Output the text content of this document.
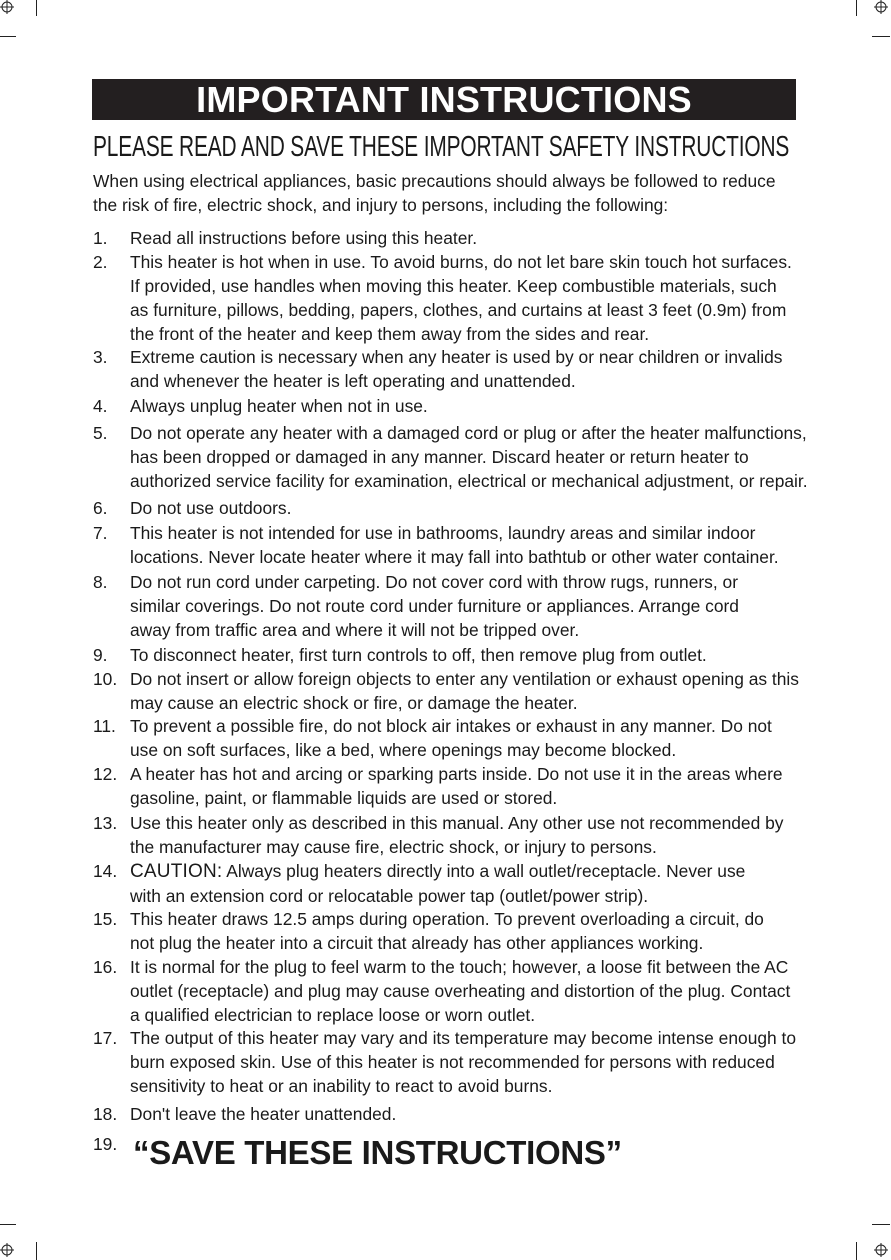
IMPORTANT INSTRUCTIONS
PLEASE READ AND SAVE THESE IMPORTANT SAFETY INSTRUCTIONS
When using electrical appliances, basic precautions should always be followed to reduce
the risk of fire, electric shock, and injury to persons, including the following:
1.	Read all instructions before using this heater.
2.	This heater is hot when in use. To avoid burns, do not let bare skin touch hot surfaces.
If provided, use handles when moving this heater. Keep combustible materials, such
as furniture, pillows, bedding, papers, clothes, and curtains at least 3 feet (0.9m) from
the front of the heater and keep them away from the sides and rear.
3.	Extreme caution is necessary when any heater is used by or near children or invalids
and whenever the heater is left operating and unattended.
4.	Always unplug heater when not in use.
5.	Do not operate any heater with a damaged cord or plug or after the heater malfunctions,
has been dropped or damaged in any manner. Discard heater or return heater to
authorized service facility for examination, electrical or mechanical adjustment, or repair.
6.	Do not use outdoors.
7.	This heater is not intended for use in bathrooms, laundry areas and similar indoor
locations. Never locate heater where it may fall into bathtub or other water container.
8.	Do not run cord under carpeting. Do not cover cord with throw rugs, runners, or
similar coverings. Do not route cord under furniture or appliances. Arrange cord
away from traffic area and where it will not be tripped over.
9.	To disconnect heater, first turn controls to off, then remove plug from outlet.
10. Do not insert or allow foreign objects to enter any ventilation or exhaust opening as this
may cause an electric shock or fire, or damage the heater.
11. To prevent a possible fire, do not block air intakes or exhaust in any manner. Do not
use on soft surfaces, like a bed, where openings may become blocked.
12. A heater has hot and arcing or sparking parts inside. Do not use it in the areas where
gasoline, paint, or flammable liquids are used or stored.
13. Use this heater only as described in this manual. Any other use not recommended by
the manufacturer may cause fire, electric shock, or injury to persons.
14. CAUTION: Always plug heaters directly into a wall outlet/receptacle. Never use
with an extension cord or relocatable power tap (outlet/power strip).
15. This heater draws 12.5 amps during operation. To prevent overloading a circuit, do
not plug the heater into a circuit that already has other appliances working.
16. It is normal for the plug to feel warm to the touch; however, a loose fit between the AC
outlet (receptacle) and plug may cause overheating and distortion of the plug. Contact
a qualified electrician to replace loose or worn outlet.
17. The output of this heater may vary and its temperature may become intense enough to
burn exposed skin. Use of this heater is not recommended for persons with reduced
sensitivity to heat or an inability to react to avoid burns.
18. Don't leave the heater unattended.
19. “SAVE THESE INSTRUCTIONS”
